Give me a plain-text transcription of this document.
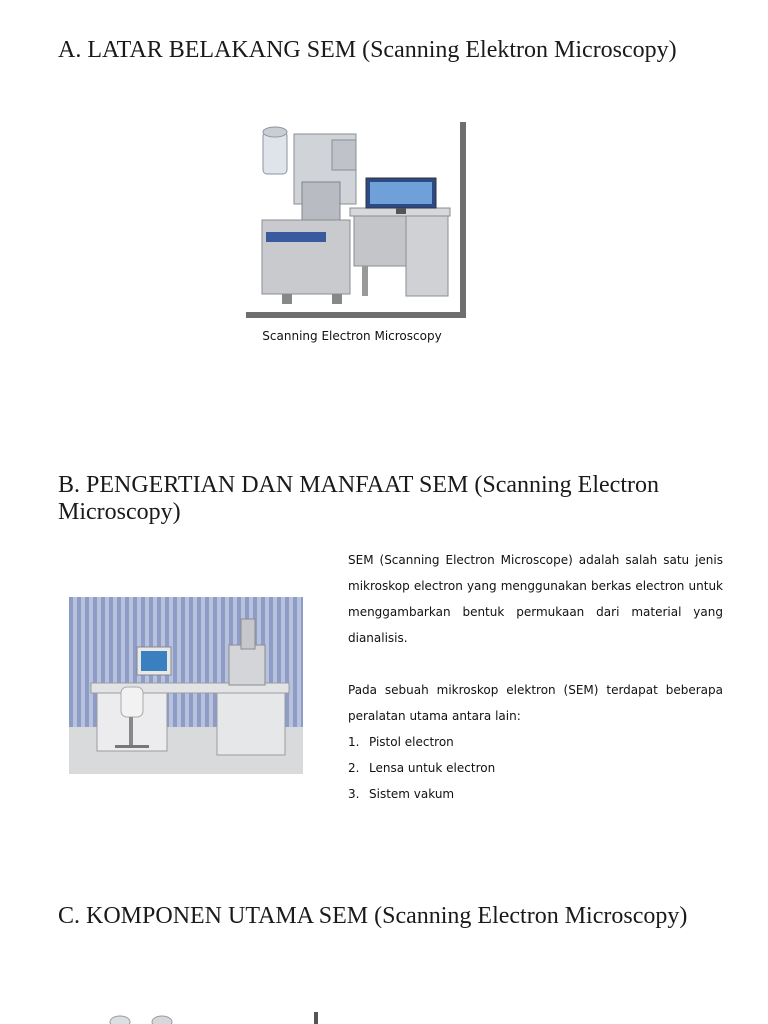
A. LATAR BELAKANG SEM (Scanning Elektron Microscopy)
Scanning Electron Microscopy
B. PENGERTIAN DAN MANFAAT SEM (Scanning Electron Microscopy)

SEM (Scanning Electron Microscope) adalah salah satu jenis mikroskop electron yang menggunakan berkas electron untuk menggambarkan bentuk permukaan dari material yang dianalisis.

Pada sebuah mikroskop elektron (SEM) terdapat beberapa peralatan utama antara lain:

1. Pistol electron
2. Lensa untuk electron
3. Sistem vakum
C. KOMPONEN UTAMA SEM (Scanning Electron Microscopy)
